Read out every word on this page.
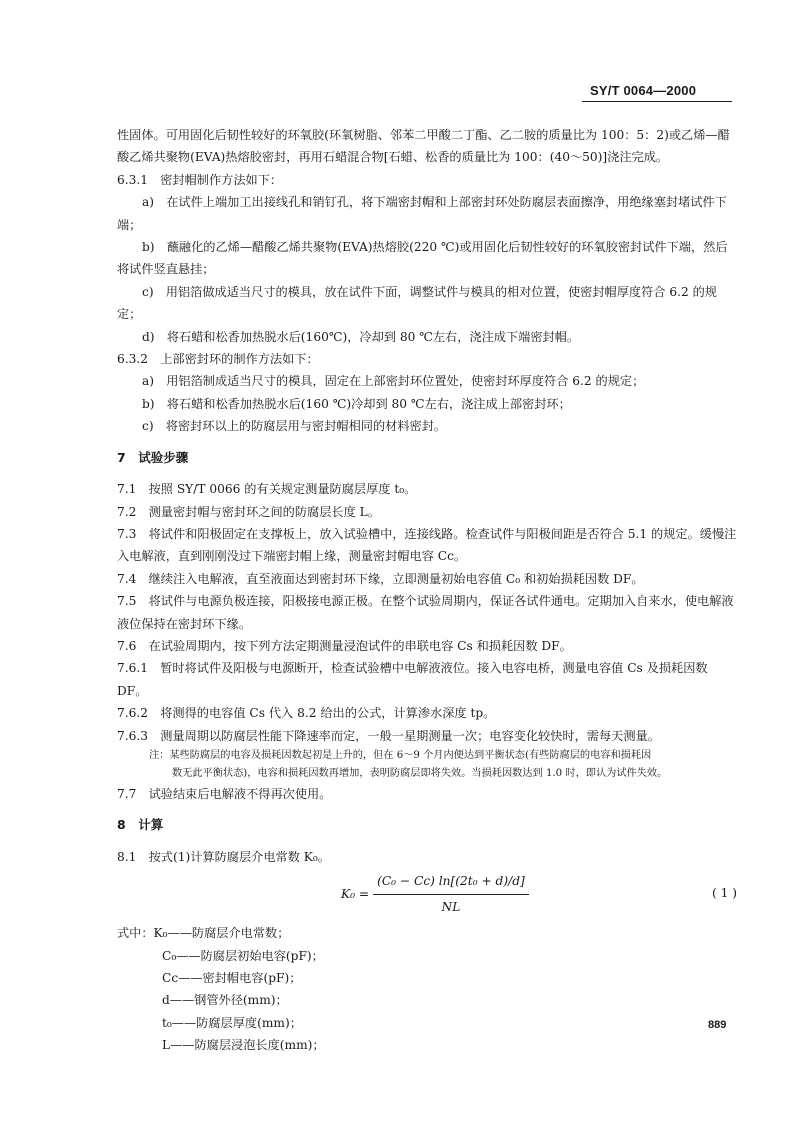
SY/T 0064—2000

性固体。可用固化后韧性较好的环氧胶(环氧树脂、邻苯二甲酸二丁酯、乙二胺的质量比为 100：5：2)或乙烯—醋酸乙烯共聚物(EVA)热熔胶密封，再用石蜡混合物[石蜡、松香的质量比为 100：(40～50)]浇注完成。

6.3.1　密封帽制作方法如下：

a)　在试件上端加工出接线孔和销钉孔，将下端密封帽和上部密封环处防腐层表面擦净，用绝缘塞封堵试件下端；

b)　蘸融化的乙烯—醋酸乙烯共聚物(EVA)热熔胶(220 ℃)或用固化后韧性较好的环氧胶密封试件下端，然后将试件竖直悬挂；

c)　用铝箔做成适当尺寸的模具，放在试件下面，调整试件与模具的相对位置，使密封帽厚度符合 6.2 的规定；

d)　将石蜡和松香加热脱水后(160℃)，冷却到 80 ℃左右，浇注成下端密封帽。

6.3.2　上部密封环的制作方法如下：

a)　用铝箔制成适当尺寸的模具，固定在上部密封环位置处，使密封环厚度符合 6.2 的规定；

b)　将石蜡和松香加热脱水后(160 ℃)冷却到 80 ℃左右，浇注成上部密封环；

c)　将密封环以上的防腐层用与密封帽相同的材料密封。

7　试验步骤

7.1　按照 SY/T 0066 的有关规定测量防腐层厚度 t₀。

7.2　测量密封帽与密封环之间的防腐层长度 L。

7.3　将试件和阳极固定在支撑板上，放入试验槽中，连接线路。检查试件与阳极间距是否符合 5.1 的规定。缓慢注入电解液，直到刚刚没过下端密封帽上缘，测量密封帽电容 Cc。

7.4　继续注入电解液，直至液面达到密封环下缘，立即测量初始电容值 C₀ 和初始损耗因数 DF。

7.5　将试件与电源负极连接，阳极接电源正极。在整个试验周期内，保证各试件通电。定期加入自来水，使电解液液位保持在密封环下缘。

7.6　在试验周期内，按下列方法定期测量浸泡试件的串联电容 Cs 和损耗因数 DF。

7.6.1　暂时将试件及阳极与电源断开，检查试验槽中电解液液位。接入电容电桥，测量电容值 Cs 及损耗因数 DF。

7.6.2　将测得的电容值 Cs 代入 8.2 给出的公式，计算渗水深度 tp。

7.6.3　测量周期以防腐层性能下降速率而定，一般一星期测量一次；电容变化较快时，需每天测量。

注：某些防腐层的电容及损耗因数起初是上升的，但在 6～9 个月内便达到平衡状态(有些防腐层的电容和损耗因
数无此平衡状态)，电容和损耗因数再增加，表明防腐层即将失效。当损耗因数达到 1.0 时，即认为试件失效。

7.7　试验结束后电解液不得再次使用。

8　计算

8.1　按式(1)计算防腐层介电常数 K₀。

$K_0 = \frac{\text{(C₀ − Cc) ln[(2t₀ + d)/d]}}{NL}$	( 1 )

式中：K₀——防腐层介电常数；

C₀——防腐层初始电容(pF)；

Cc——密封帽电容(pF)；

d——钢管外径(mm)；

t₀——防腐层厚度(mm)；

L——防腐层浸泡长度(mm)；

889
